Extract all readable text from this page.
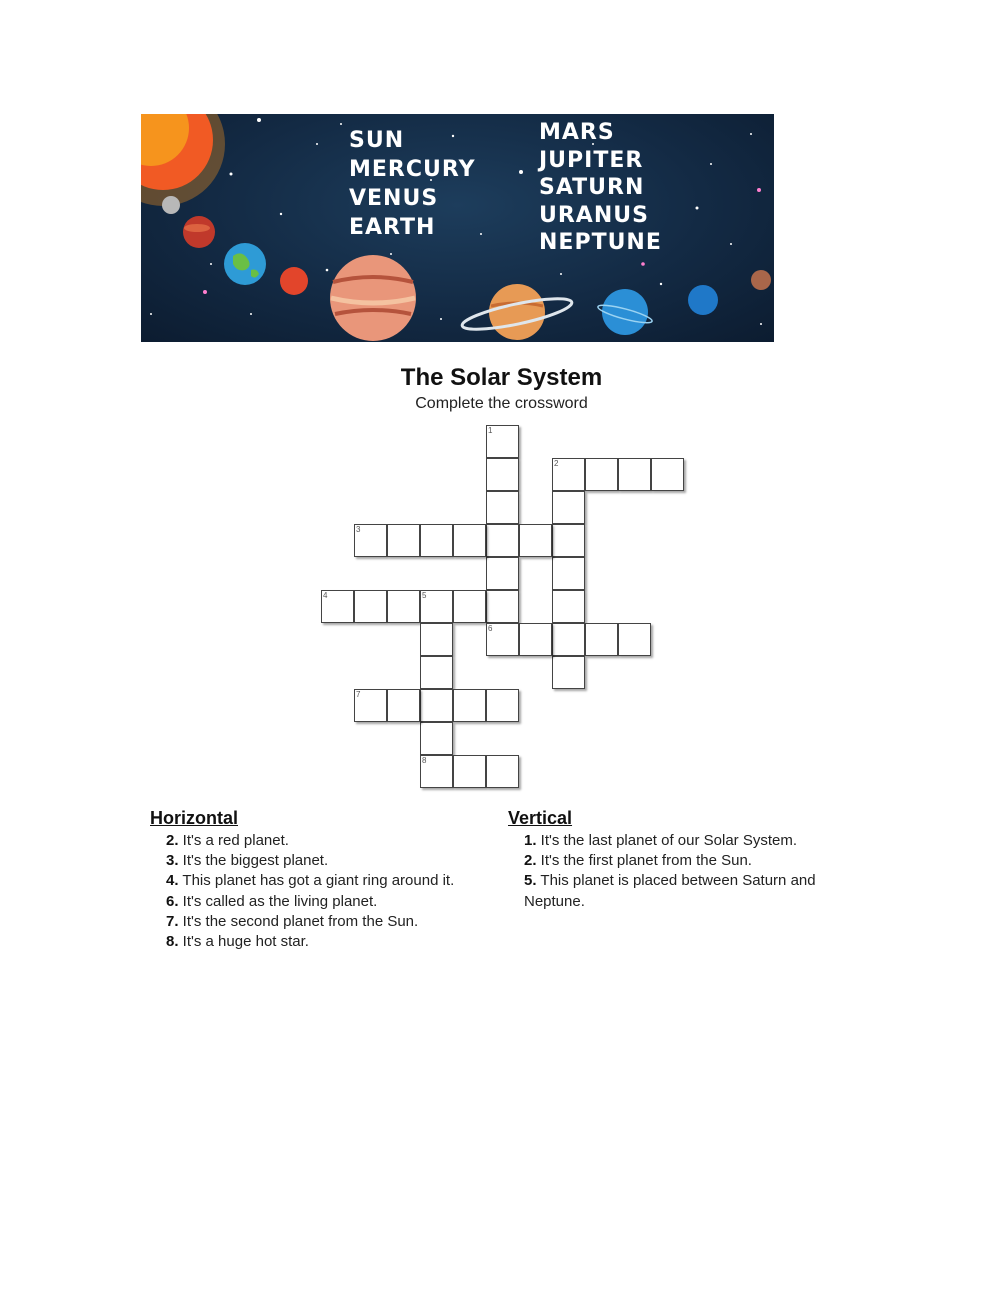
SUN
MERCURY
VENUS
EARTH
MARS
JUPITER
SATURN
URANUS
NEPTUNE
The Solar System
Complete the crossword
1
2
3
4	5
8
6
7
Horizontal
2. It's a red planet.
3. It's the biggest planet.
4. This planet has got a giant ring around it.
6. It's called as the living planet.
7. It's the second planet from the Sun.
8. It's a huge hot star.
Vertical
1. It's the last planet of our Solar System.
2. It's the first planet from the Sun.
5. This planet is placed between Saturn and Neptune.
